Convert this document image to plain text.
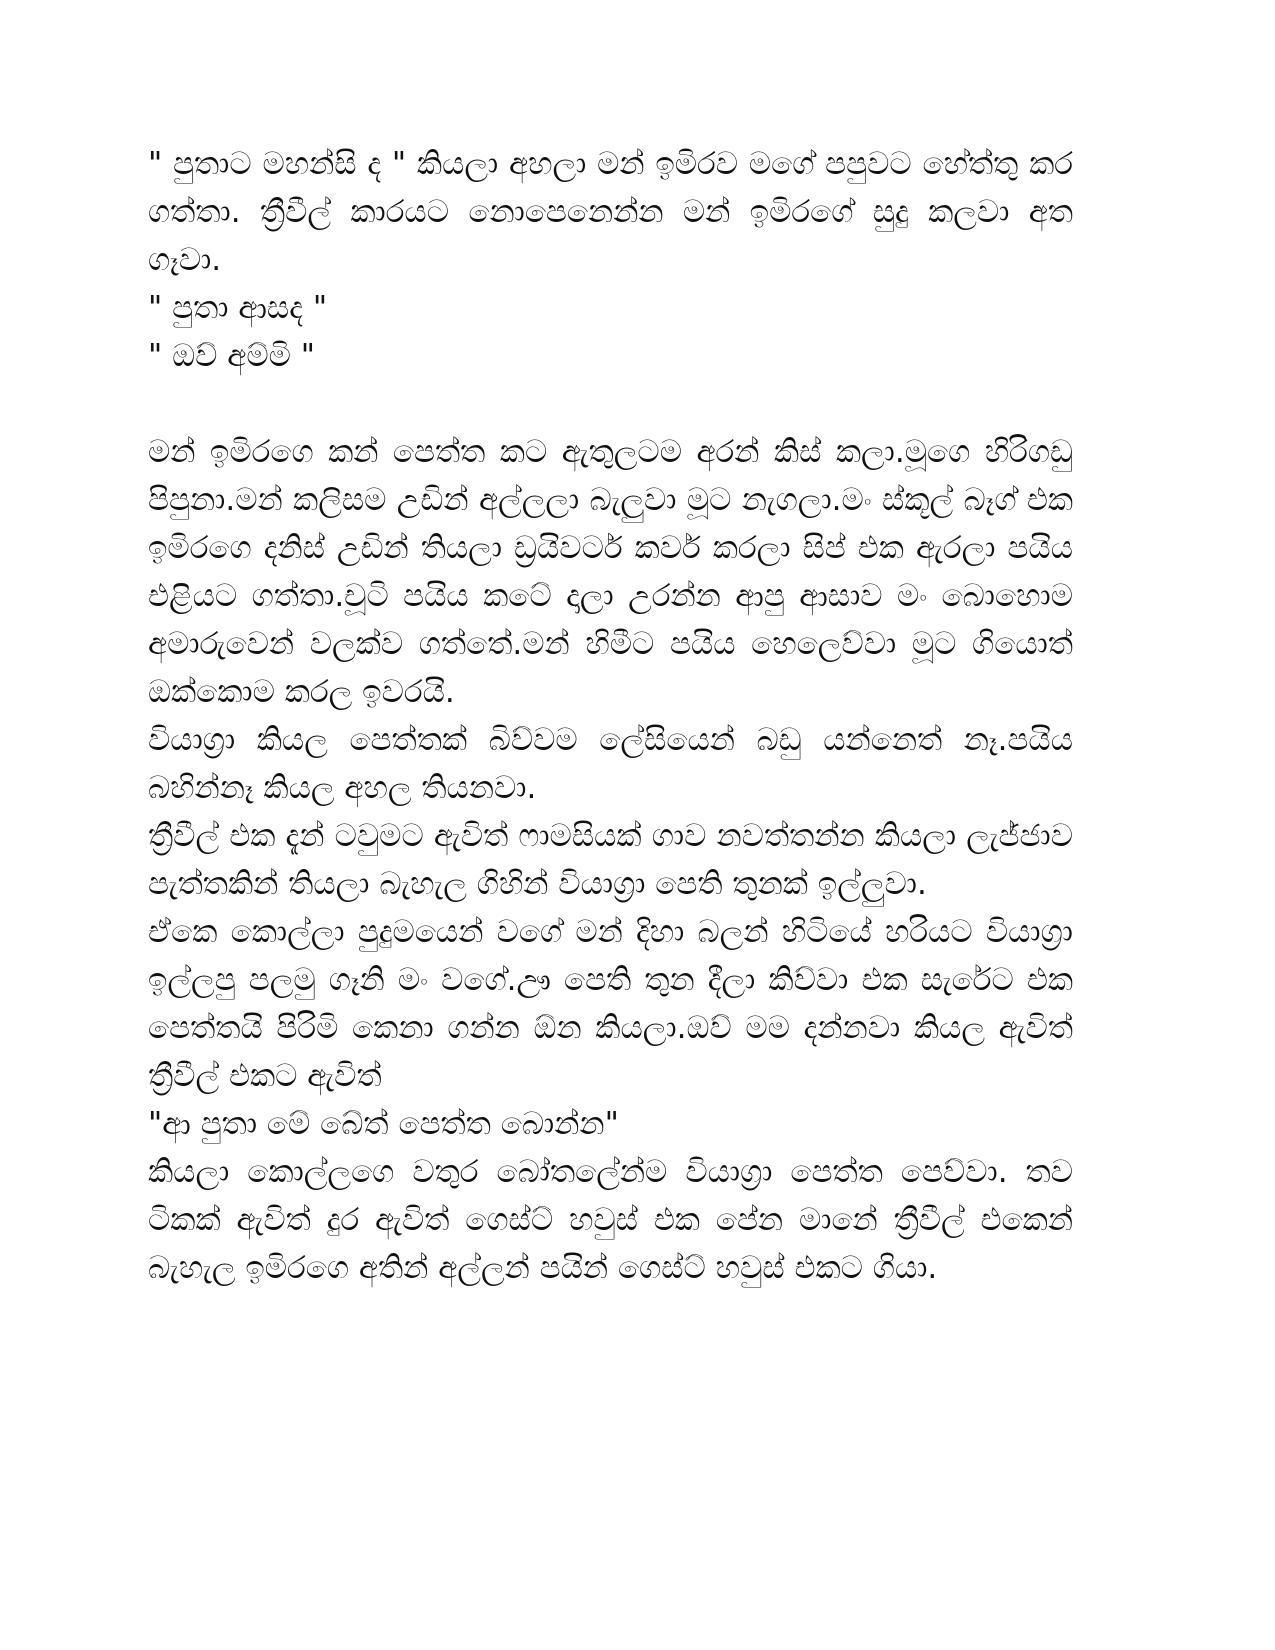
" පුතාට මහන්සි ද " කියලා අහලා මන් ඉමිරව මගේ පපුවට හේත්තු කර ගත්තා. ත්‍රීවීල් කාරයට නොපෙනෙන්න මන් ඉමිරගේ සුදු කලවා අත ගෑවා.

" පුතා ආසද "

" ඔව් අම්මි "

මන් ඉමිරගෙ කන් පෙත්ත කට ඇතුලටම අරන් කිස් කලා.මූගෙ හිරිගඩු පිපුනා.මන් කලිසම උඩින් අල්ලලා බැලුවා මූට නැගලා.මං ස්කූල් බෑග් එක ඉමිරගෙ දනිස් උඩින් තියලා ඩ්‍රයිවර්ට කවර් කරලා සිප් එක ඇරලා පයිය එළියට ගත්තා.චූටි පයිය කටේ දාලා උරන්න ආපු ආසාව මං බොහොම අමාරුවෙන් වලක්ව ගත්තේ.මන් හිමීට පයිය හෙලෙව්වා මූට ගියොත් ඔක්කොම කරල ඉවරයි.

වියාග්‍රා කියල පෙත්තක් බිව්වම ලේසියෙන් බඩු යන්නෙත් නෑ.පයිය බහින්නෑ කියල අහල තියනවා.

ත්‍රීවීල් එක දැන් ටවුමට ඇවිත් ෆාමසියක් ගාව නවත්තන්න කියලා ලැජ්ජාව පැත්තකින් තියලා බැහැල ගිහින් වියාග්‍රා පෙති තුනක් ඉල්ලුවා.

ඒකෙ කොල්ලා පුදුමයෙන් වගේ මන් දිහා බලන් හිටියේ හරියට වියාග්‍රා ඉල්ලපු පලමු ගෑනි මං වගේ.ඌ පෙති තුන දීලා කිව්වා එක සැරේට එක පෙත්තයි පිරිමි කෙනා ගන්න ඕන කියලා.ඔව් මම දන්නවා කියල ඇවිත් ත්‍රීවීල් එකට ඇවිත්

"ආ පුතා මේ බේත් පෙත්ත බොන්න"

කියලා කොල්ලගෙ වතුර බෝතලේන්ම වියාග්‍රා පෙත්ත පෙව්වා. තව ටිකක් ඇවිත් දුර ඇවිත් ගෙස්ට් හවුස් එක පේන මානේ ත්‍රීවීල් එකෙන් බැහැල ඉමිරගෙ අතින් අල්ලන් පයින් ගෙස්ට් හවුස් එකට ගියා.
